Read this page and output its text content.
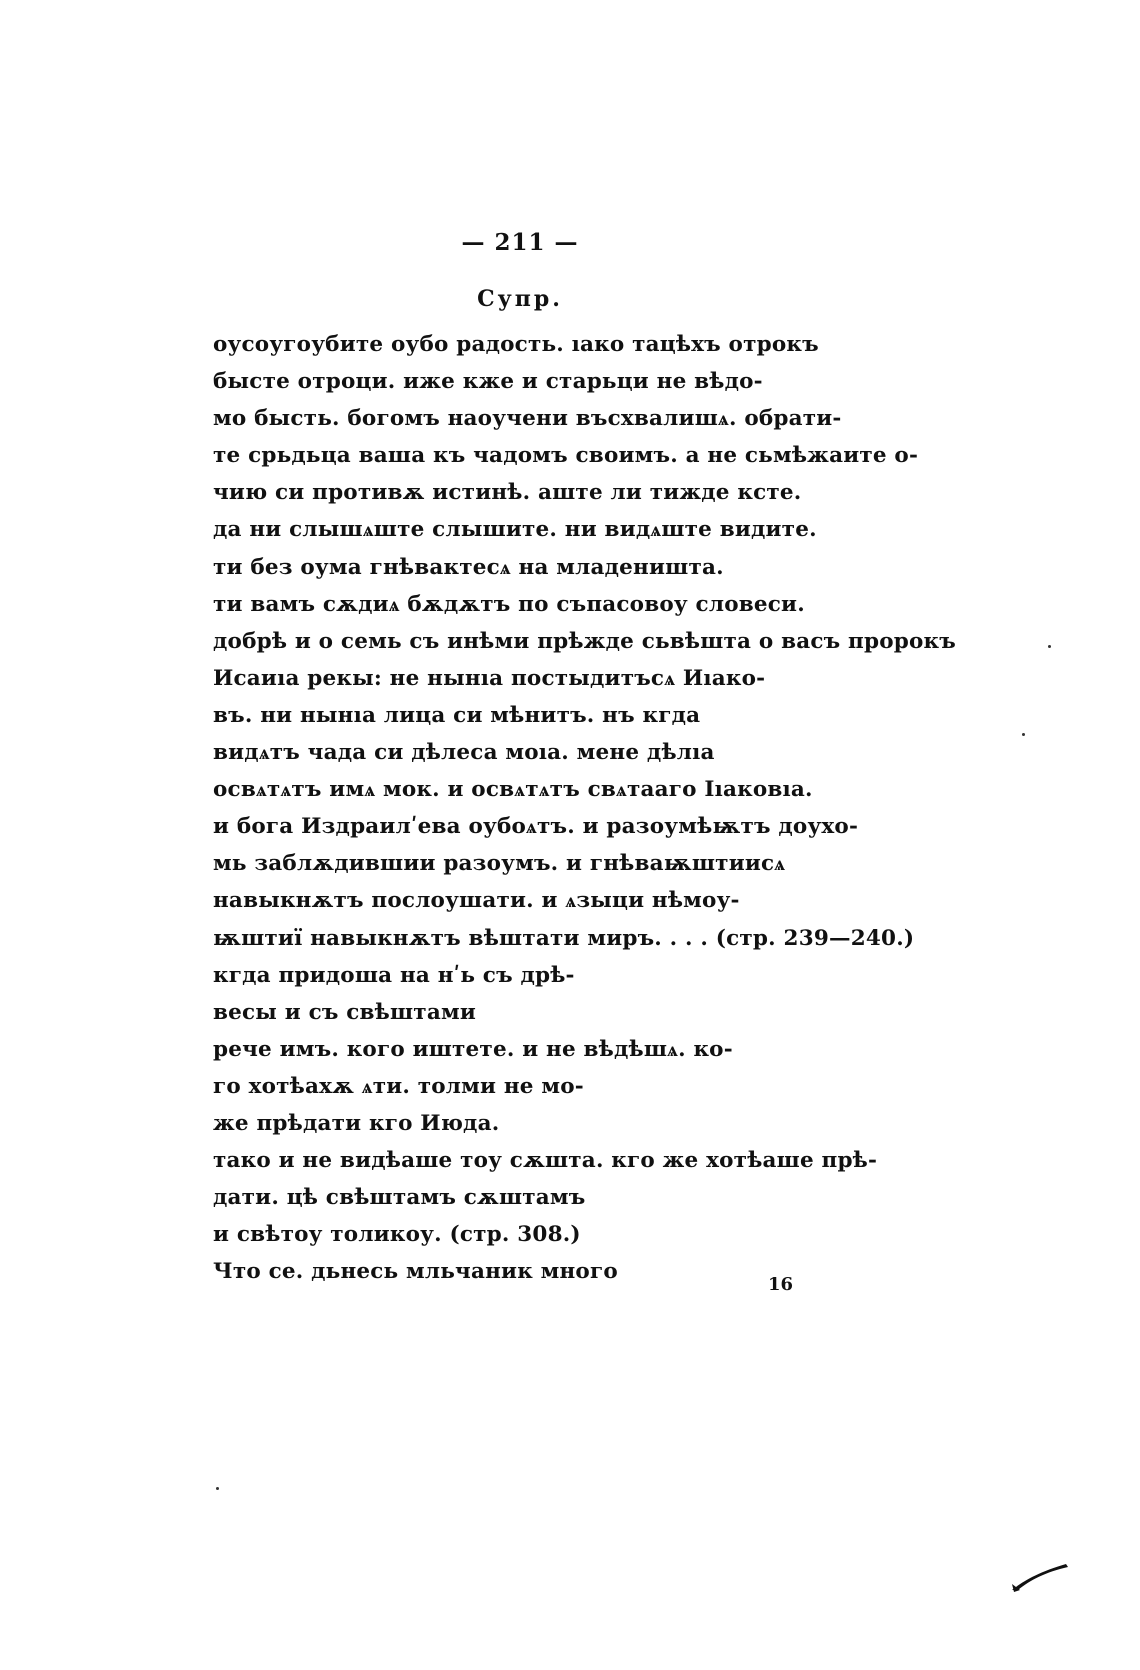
— 211 —
Супр.
оусоугоубите оубо радость. ıако тацѣхъ отрокъ
бысте отроци. иже кже и старьци не вѣдо-
мо бысть. богомъ наоучени въсхвалишѧ. обрати-
те срьдьца ваша къ чадомъ своимъ. а не сьмѣжаите о-
чию си противѫ истинѣ. аште ли тижде ксте.
да ни слышѧште слышите. ни видѧште видите.
ти без оума гнѣвактесѧ на младеништа.
ти вамъ сѫдиѧ бѫдѫтъ по съпасовоу словеси.
добрѣ и о семь съ инѣми прѣжде сьвѣшта о васъ пророкъ
Исаиıа рекы: не нынıа постыдитъсѧ Иıако-
въ. ни нынıа лица си мѣнитъ. нъ кгда
видѧтъ чада си дѣлеса моıа. мене дѣлıа
освѧтѧтъ имѧ мок. и освѧтѧтъ свѧтааго Іıаковıа.
и бога Издраилʹева оубоѧтъ. и разоумѣѭтъ доухо-
мь заблѫдившии разоумъ. и гнѣваѭштиисѧ
навыкнѫтъ послоушати. и ѧзыци нѣмоу-
ѭштиї навыкнѫтъ вѣштати миръ. . . . (стр. 239—240.)
кгда придоша на нʹь съ дрѣ-
весы и съ свѣштами
рече имъ. кого иштете. и не вѣдѣшѧ. ко-
го хотѣахѫ ѧти. толми не мо-
же прѣдати кго Июда.
тако и не видѣаше тоу сѫшта. кго же хотѣаше прѣ-
дати. цѣ свѣштамъ сѫштамъ
и свѣтоу толикоу. (стр. 308.)
Что се. дьнесь мльчаник много
16
